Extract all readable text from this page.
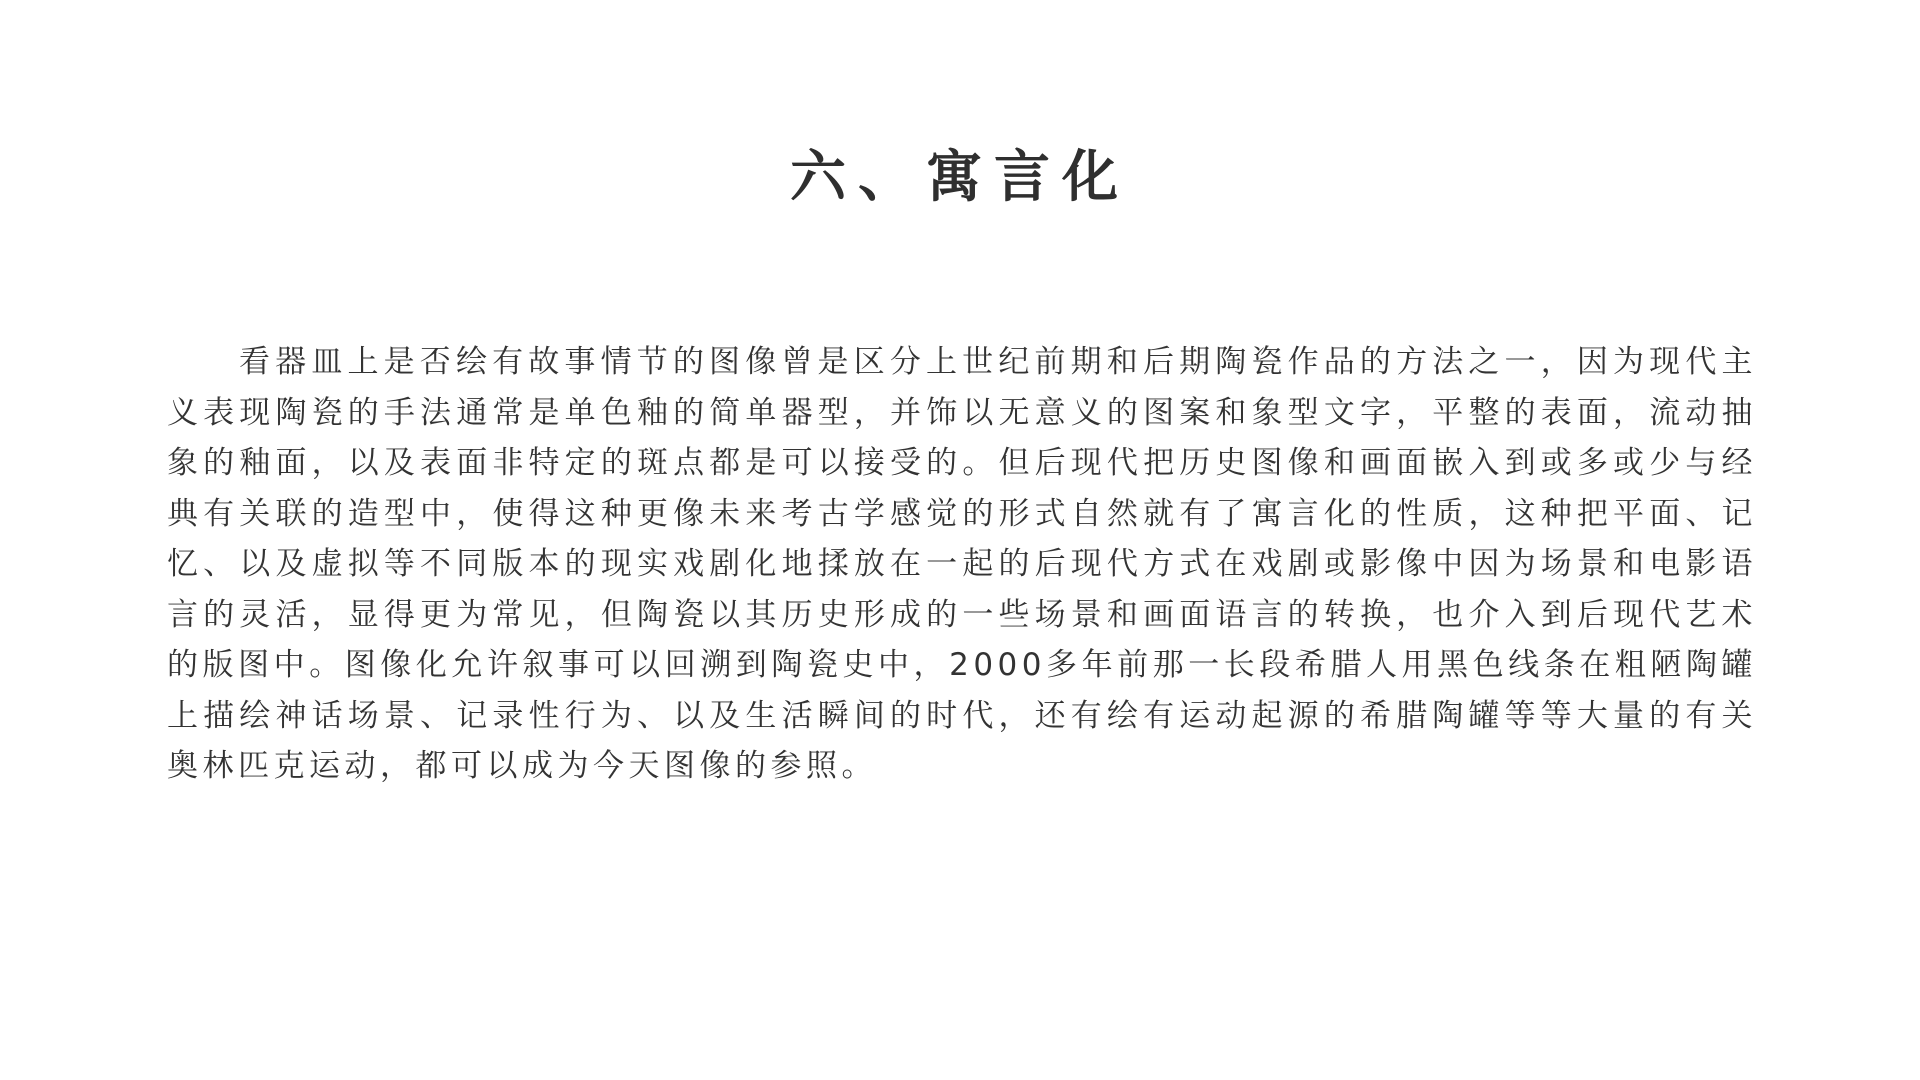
六、寓言化

看器皿上是否绘有故事情节的图像曾是区分上世纪前期和后期陶瓷作品的方法之一，因为现代主义表现陶瓷的手法通常是单色釉的简单器型，并饰以无意义的图案和象型文字，平整的表面，流动抽象的釉面，以及表面非特定的斑点都是可以接受的。但后现代把历史图像和画面嵌入到或多或少与经典有关联的造型中，使得这种更像未来考古学感觉的形式自然就有了寓言化的性质，这种把平面、记忆、以及虚拟等不同版本的现实戏剧化地揉放在一起的后现代方式在戏剧或影像中因为场景和电影语言的灵活，显得更为常见，但陶瓷以其历史形成的一些场景和画面语言的转换，也介入到后现代艺术的版图中。图像化允许叙事可以回溯到陶瓷史中，2000多年前那一长段希腊人用黑色线条在粗陋陶罐上描绘神话场景、记录性行为、以及生活瞬间的时代，还有绘有运动起源的希腊陶罐等等大量的有关奥林匹克运动，都可以成为今天图像的参照。
